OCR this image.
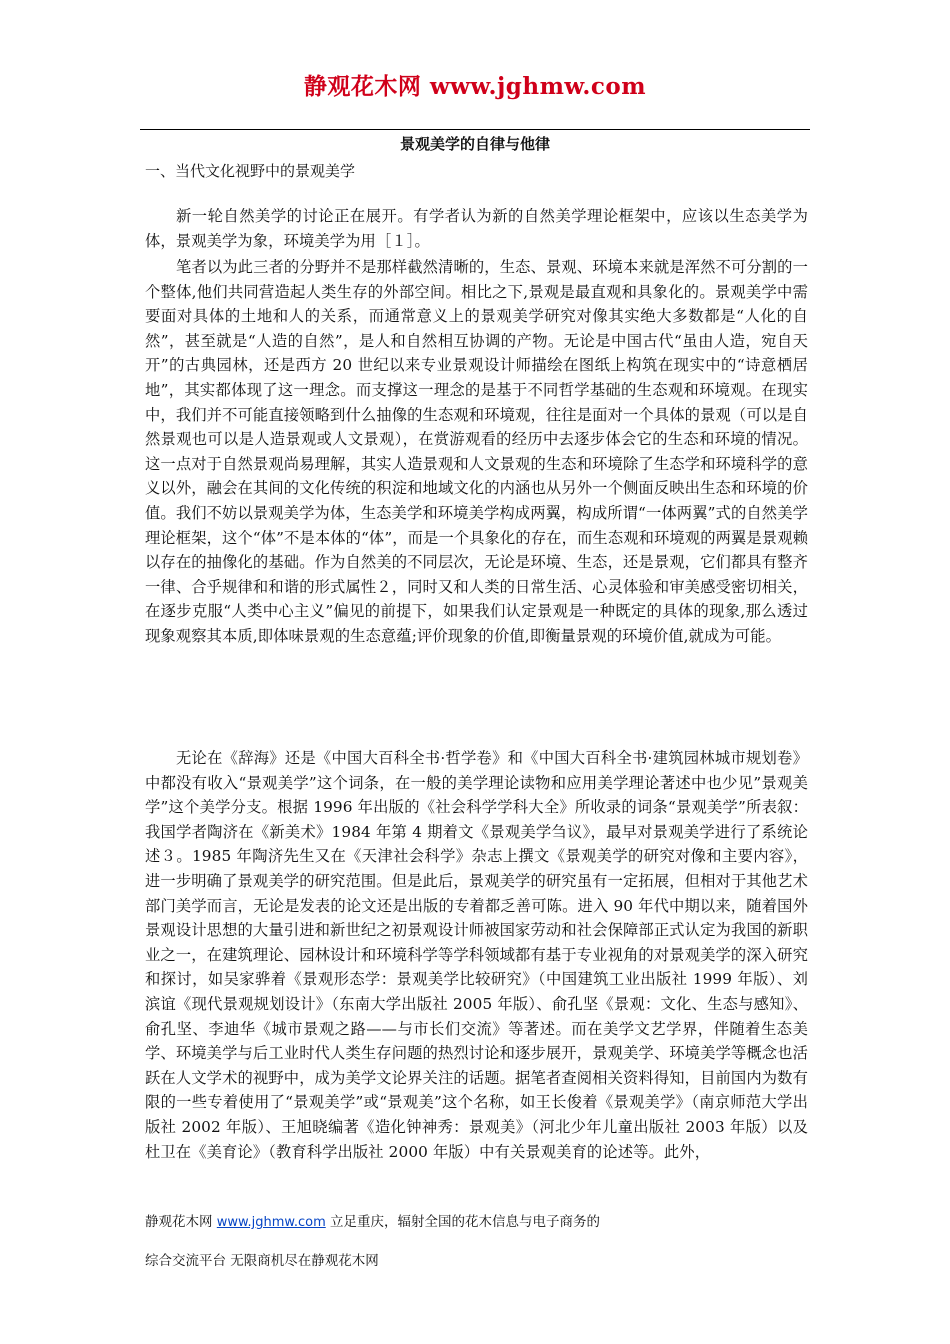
静观花木网 www.jghmw.com
景观美学的自律与他律
一、当代文化视野中的景观美学

新一轮自然美学的讨论正在展开。有学者认为新的自然美学理论框架中，应该以生态美学为体，景观美学为象，环境美学为用［１］。

笔者以为此三者的分野并不是那样截然清晰的，生态、景观、环境本来就是浑然不可分割的一个整体,他们共同营造起人类生存的外部空间。相比之下,景观是最直观和具象化的。景观美学中需要面对具体的土地和人的关系，而通常意义上的景观美学研究对像其实绝大多数都是“人化的自然”，甚至就是“人造的自然”，是人和自然相互协调的产物。无论是中国古代“虽由人造，宛自天开”的古典园林，还是西方 20 世纪以来专业景观设计师描绘在图纸上构筑在现实中的“诗意栖居地”，其实都体现了这一理念。而支撑这一理念的是基于不同哲学基础的生态观和环境观。在现实中，我们并不可能直接领略到什么抽像的生态观和环境观，往往是面对一个具体的景观（可以是自然景观也可以是人造景观或人文景观），在赏游观看的经历中去逐步体会它的生态和环境的情况。这一点对于自然景观尚易理解，其实人造景观和人文景观的生态和环境除了生态学和环境科学的意义以外，融会在其间的文化传统的积淀和地域文化的内涵也从另外一个侧面反映出生态和环境的价值。我们不妨以景观美学为体，生态美学和环境美学构成两翼，构成所谓“一体两翼”式的自然美学理论框架，这个“体”不是本体的“体”，而是一个具象化的存在，而生态观和环境观的两翼是景观赖以存在的抽像化的基础。作为自然美的不同层次，无论是环境、生态，还是景观，它们都具有整齐一律、合乎规律和和谐的形式属性２，同时又和人类的日常生活、心灵体验和审美感受密切相关，在逐步克服“人类中心主义”偏见的前提下，如果我们认定景观是一种既定的具体的现象,那么透过现象观察其本质,即体味景观的生态意蕴;评价现象的价值,即衡量景观的环境价值,就成为可能。

无论在《辞海》还是《中国大百科全书·哲学卷》和《中国大百科全书·建筑园林城市规划卷》中都没有收入“景观美学”这个词条，在一般的美学理论读物和应用美学理论著述中也少见”景观美学”这个美学分支。根据 1996 年出版的《社会科学学科大全》所收录的词条“景观美学”所表叙：我国学者陶济在《新美术》1984 年第 4 期着文《景观美学刍议》，最早对景观美学进行了系统论述３。1985 年陶济先生又在《天津社会科学》杂志上撰文《景观美学的研究对像和主要内容》，进一步明确了景观美学的研究范围。但是此后，景观美学的研究虽有一定拓展，但相对于其他艺术部门美学而言，无论是发表的论文还是出版的专着都乏善可陈。进入 90 年代中期以来，随着国外景观设计思想的大量引进和新世纪之初景观设计师被国家劳动和社会保障部正式认定为我国的新职业之一，在建筑理论、园林设计和环境科学等学科领域都有基于专业视角的对景观美学的深入研究和探讨，如吴家骅着《景观形态学：景观美学比较研究》（中国建筑工业出版社 1999 年版）、刘滨谊《现代景观规划设计》（东南大学出版社 2005 年版）、俞孔坚《景观：文化、生态与感知》、俞孔坚、李迪华《城市景观之路——与市长们交流》等著述。而在美学文艺学界，伴随着生态美学、环境美学与后工业时代人类生存问题的热烈讨论和逐步展开，景观美学、环境美学等概念也活跃在人文学术的视野中，成为美学文论界关注的话题。据笔者查阅相关资料得知，目前国内为数有限的一些专着使用了“景观美学”或“景观美”这个名称，如王长俊着《景观美学》（南京师范大学出版社 2002 年版）、王旭晓编著《造化钟神秀：景观美》（河北少年儿童出版社 2003 年版）以及杜卫在《美育论》（教育科学出版社 2000 年版）中有关景观美育的论述等。此外，

静观花木网 www.jghmw.com 立足重庆，辐射全国的花木信息与电子商务的
综合交流平台 无限商机尽在静观花木网
